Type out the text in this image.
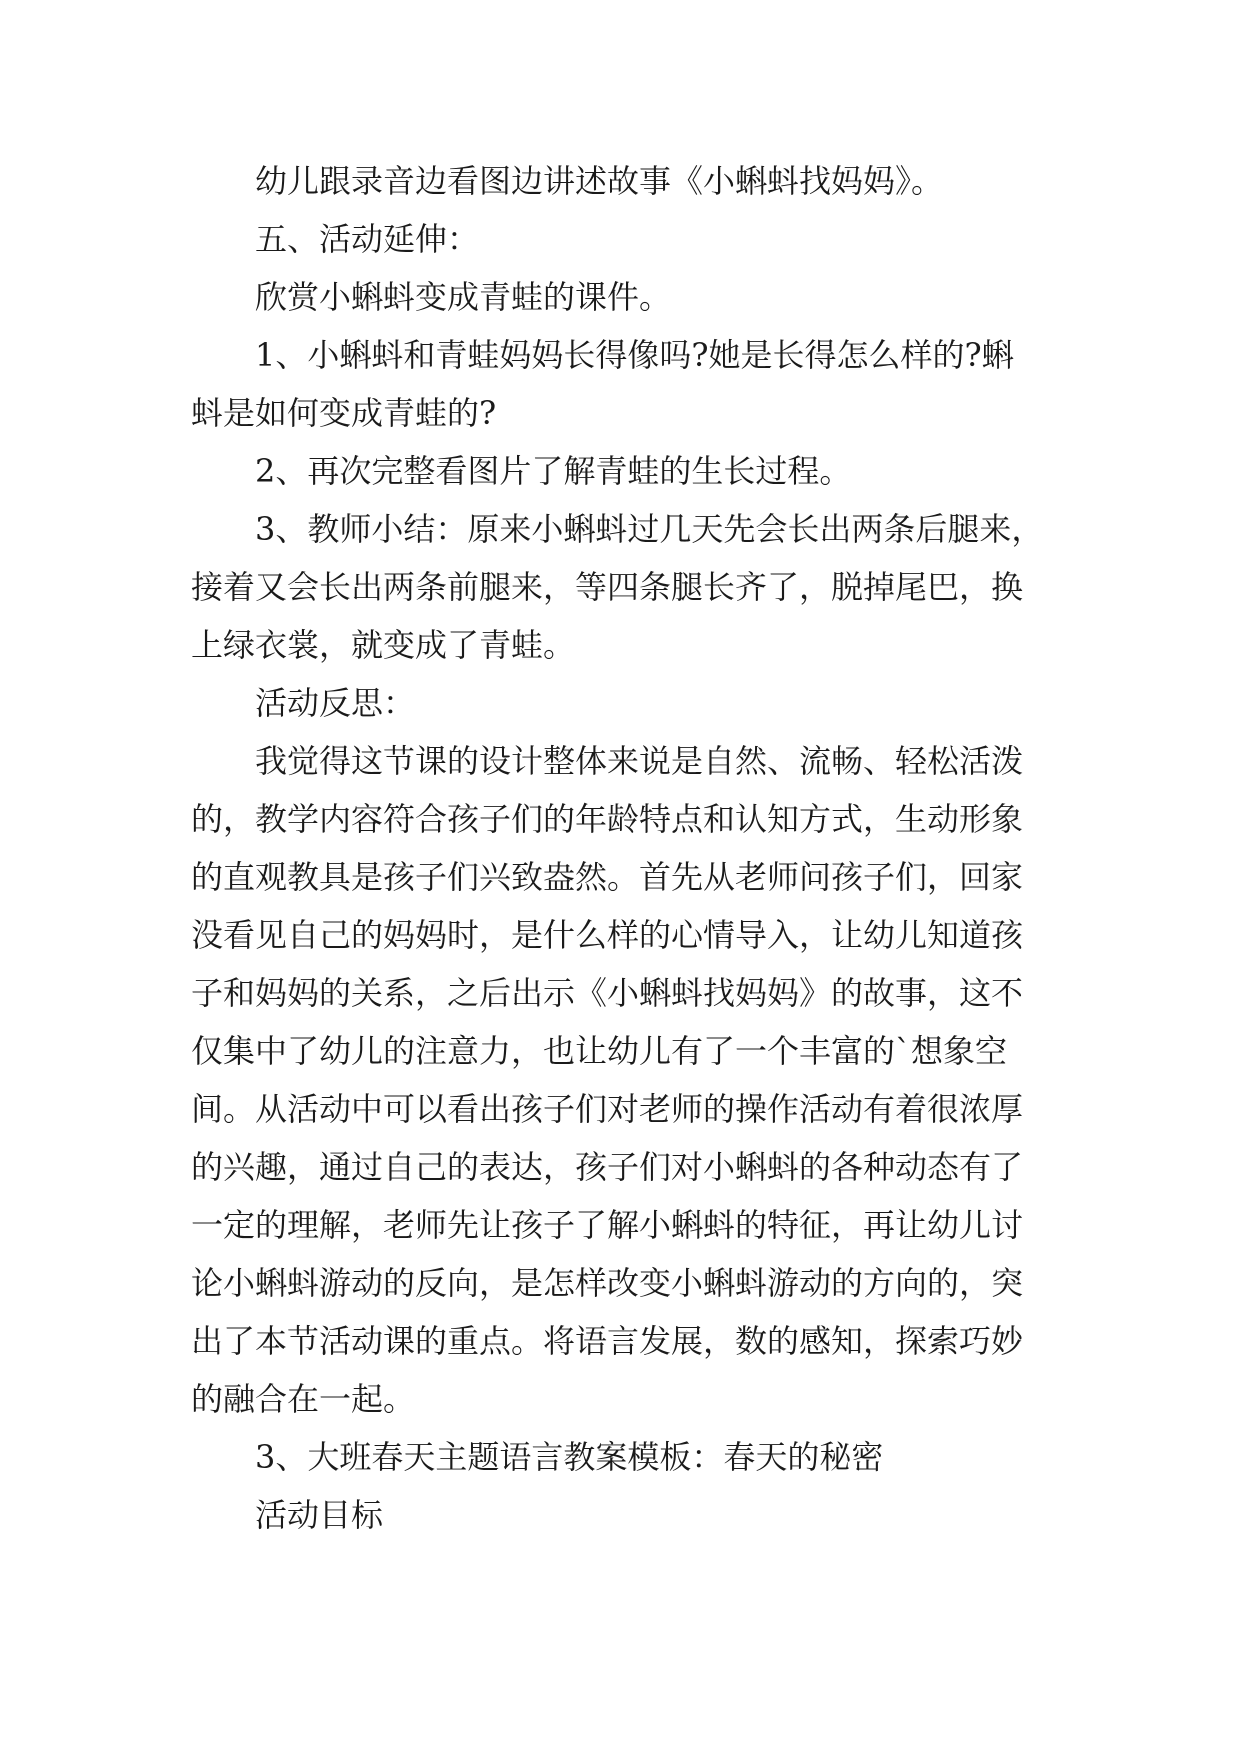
幼儿跟录音边看图边讲述故事《小蝌蚪找妈妈》。
五、活动延伸：
欣赏小蝌蚪变成青蛙的课件。
1、小蝌蚪和青蛙妈妈长得像吗?她是长得怎么样的?蝌
蚪是如何变成青蛙的?
2、再次完整看图片了解青蛙的生长过程。
3、教师小结：原来小蝌蚪过几天先会长出两条后腿来，
接着又会长出两条前腿来，等四条腿长齐了，脱掉尾巴，换
上绿衣裳，就变成了青蛙。
活动反思：
我觉得这节课的设计整体来说是自然、流畅、轻松活泼
的，教学内容符合孩子们的年龄特点和认知方式，生动形象
的直观教具是孩子们兴致盎然。首先从老师问孩子们，回家
没看见自己的妈妈时，是什么样的心情导入，让幼儿知道孩
子和妈妈的关系，之后出示《小蝌蚪找妈妈》的故事，这不
仅集中了幼儿的注意力，也让幼儿有了一个丰富的`想象空
间。从活动中可以看出孩子们对老师的操作活动有着很浓厚
的兴趣，通过自己的表达，孩子们对小蝌蚪的各种动态有了
一定的理解，老师先让孩子了解小蝌蚪的特征，再让幼儿讨
论小蝌蚪游动的反向，是怎样改变小蝌蚪游动的方向的，突
出了本节活动课的重点。将语言发展，数的感知，探索巧妙
的融合在一起。
3、大班春天主题语言教案模板：春天的秘密
活动目标
